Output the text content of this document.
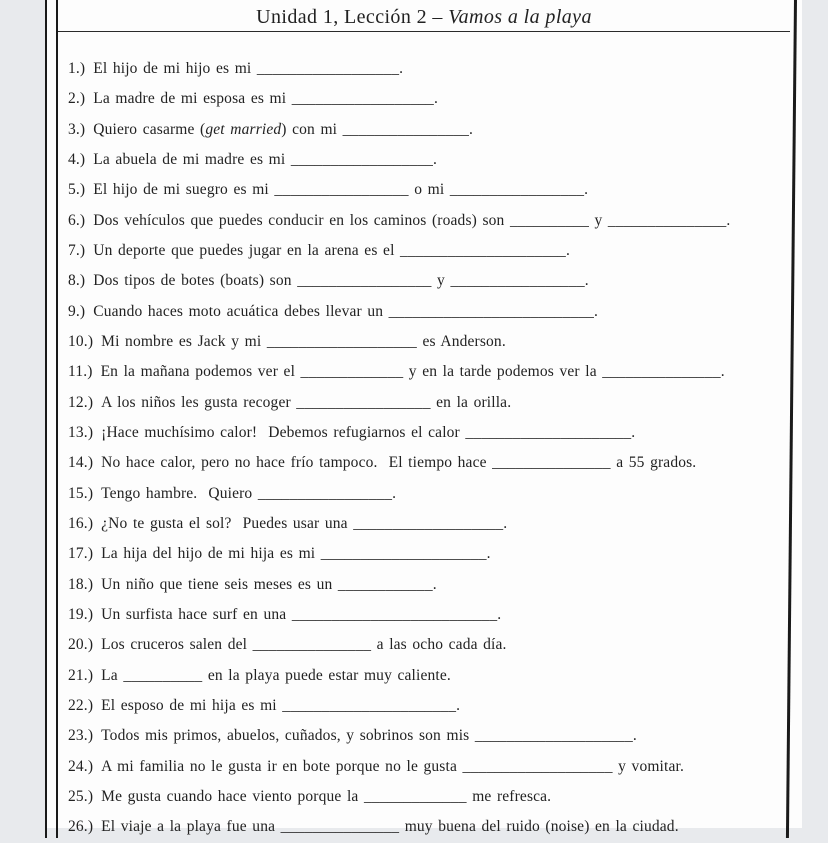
Unidad 1, Lección 2 – Vamos a la playa
1.) El hijo de mi hijo es mi __________________.
2.) La madre de mi esposa es mi __________________.
3.) Quiero casarme (get married) con mi ________________.
4.) La abuela de mi madre es mi __________________.
5.) El hijo de mi suegro es mi _________________ o mi _________________.
6.) Dos vehículos que puedes conducir en los caminos (roads) son __________ y _______________.
7.) Un deporte que puedes jugar en la arena es el _____________________.
8.) Dos tipos de botes (boats) son _________________ y _________________.
9.) Cuando haces moto acuática debes llevar un __________________________.
10.) Mi nombre es Jack y mi ___________________ es Anderson.
11.) En la mañana podemos ver el _____________ y en la tarde podemos ver la _______________.
12.) A los niños les gusta recoger _________________ en la orilla.
13.) ¡Hace muchísimo calor!  Debemos refugiarnos el calor _____________________.
14.) No hace calor, pero no hace frío tampoco.  El tiempo hace _______________ a 55 grados.
15.) Tengo hambre.  Quiero _________________.
16.) ¿No te gusta el sol?  Puedes usar una ___________________.
17.) La hija del hijo de mi hija es mi _____________________.
18.) Un niño que tiene seis meses es un ____________.
19.) Un surfista hace surf en una __________________________.
20.) Los cruceros salen del _______________ a las ocho cada día.
21.) La __________ en la playa puede estar muy caliente.
22.) El esposo de mi hija es mi ______________________.
23.) Todos mis primos, abuelos, cuñados, y sobrinos son mis ____________________.
24.) A mi familia no le gusta ir en bote porque no le gusta ___________________ y vomitar.
25.) Me gusta cuando hace viento porque la _____________ me refresca.
26.) El viaje a la playa fue una _______________ muy buena del ruido (noise) en la ciudad.
